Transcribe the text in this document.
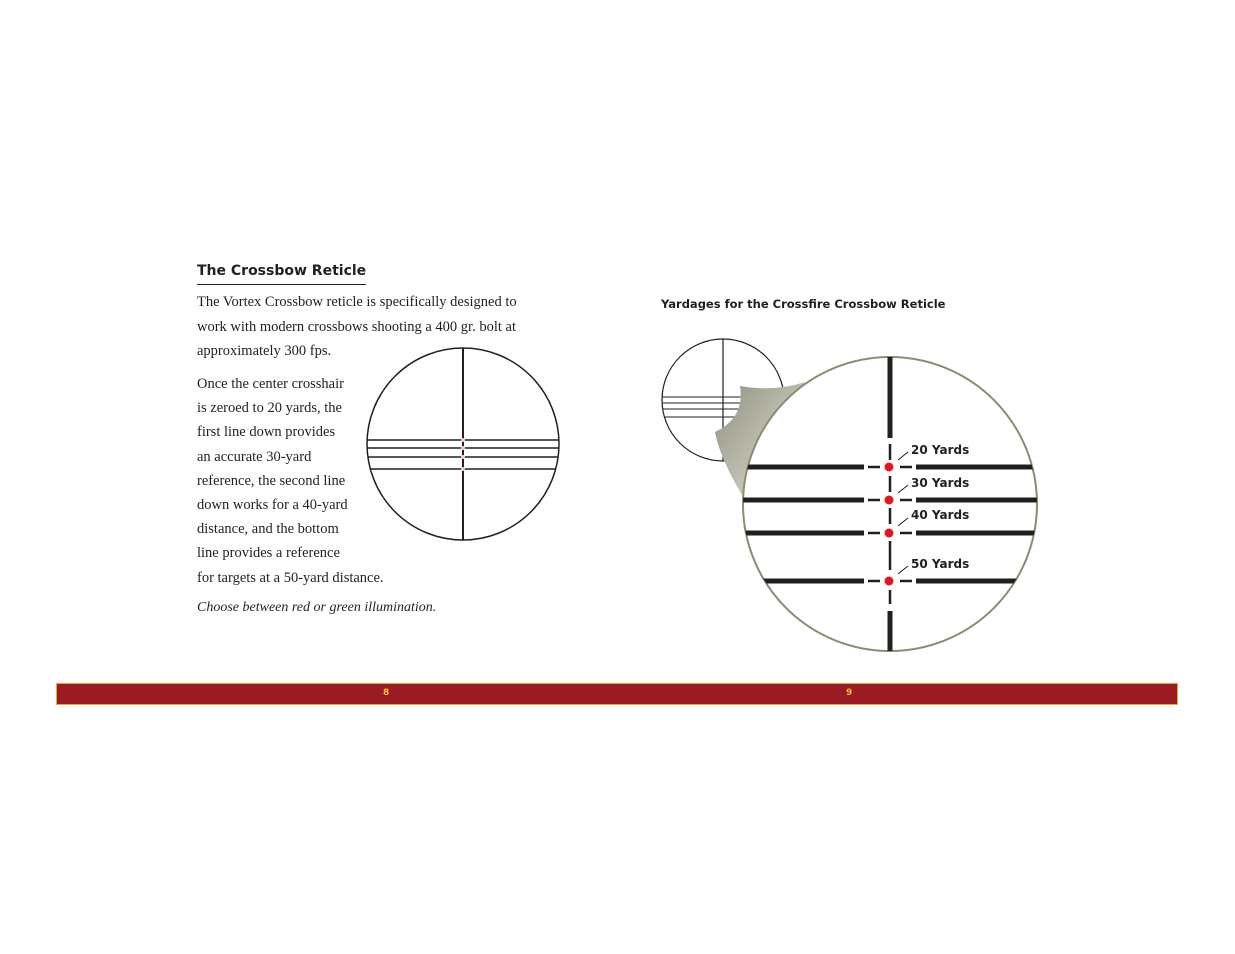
The Crossbow Reticle

The Vortex Crossbow reticle is specifically designed to work with modern crossbows shooting a 400 gr. bolt at approximately 300 fps.

Once the center crosshair
is zeroed to 20 yards, the
first line down provides
an accurate 30-yard
reference, the second line
down works for a 40-yard
distance, and the bottom
line provides a reference
for targets at a 50-yard distance.

Choose between red or green illumination.

Yardages for the Crossfire Crossbow Reticle

20 Yards
30 Yards
40 Yards
50 Yards

8	9
